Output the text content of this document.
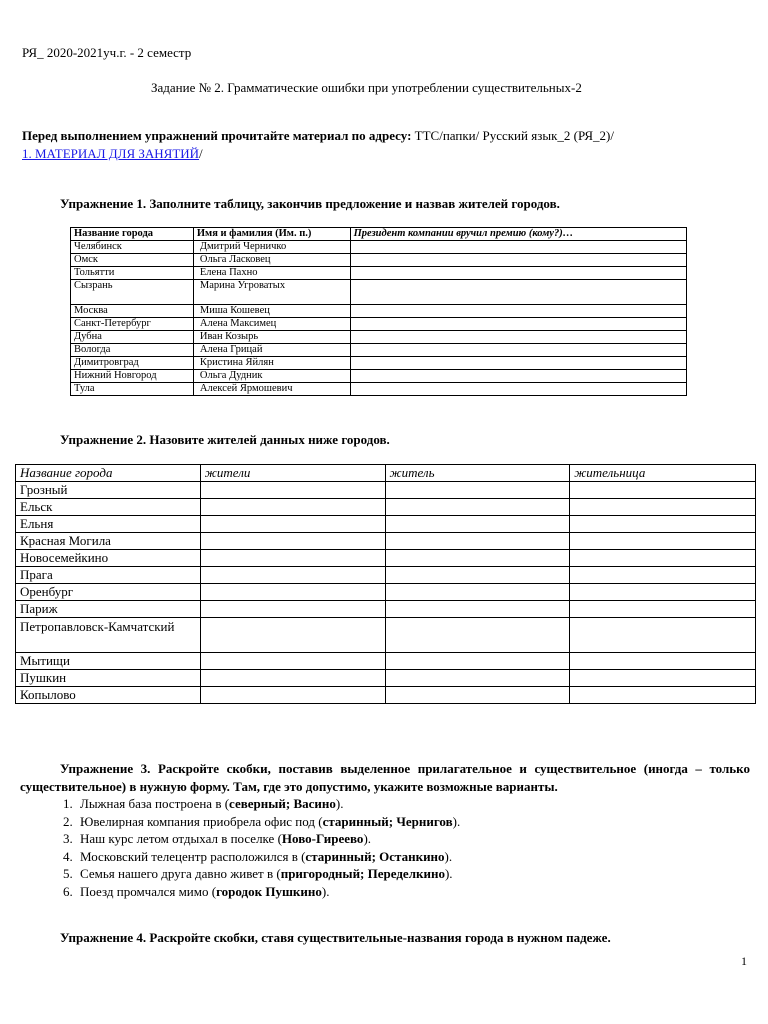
РЯ_ 2020-2021уч.г. - 2 семестр
Задание № 2. Грамматические ошибки при употреблении существительных-2
Перед выполнением упражнений прочитайте материал по адресу: ТТС/папки/ Русский язык_2 (РЯ_2)/
1. МАТЕРИАЛ ДЛЯ ЗАНЯТИЙ/
Упражнение 1. Заполните таблицу, закончив предложение и назвав жителей городов.
Название города	Имя и фамилия (Им. п.)	Президент компании вручил премию (кому?)…
Челябинск	Дмитрий Черничко	
Омск	Ольга Ласковец	
Тольятти	Елена Пахно	
Сызрань	Марина Угроватых	
Москва	Миша Кошевец	
Санкт-Петербург	Алена Максимец	
Дубна	Иван Козырь	
Вологда	Алена Грицай	
Димитровград	Кристина Яйлян	
Нижний Новгород	Ольга Дудник	
Тула	Алексей Ярмошевич	
Упражнение 2. Назовите жителей данных ниже городов.
Название города	жители	житель	жительница
Грозный			
Ельск			
Ельня			
Красная Могила			
Новосемейкино			
Прага			
Оренбург			
Париж			
Петропавловск-Камчатский			
Мытищи			
Пушкин			
Копылово			
Упражнение 3. Раскройте скобки, поставив выделенное прилагательное и существительное (иногда – только существительное) в нужную форму. Там, где это допустимо, укажите возможные варианты.
1. Лыжная база построена в (северный; Васино).
2. Ювелирная компания приобрела офис под (старинный; Чернигов).
3. Наш курс летом отдыхал в поселке (Ново-Гиреево).
4. Московский телецентр расположился в (старинный; Останкино).
5. Семья нашего друга давно живет в (пригородный; Переделкино).
6. Поезд промчался мимо (городок Пушкино).
Упражнение 4. Раскройте скобки, ставя существительные-названия города в нужном падеже.
1
